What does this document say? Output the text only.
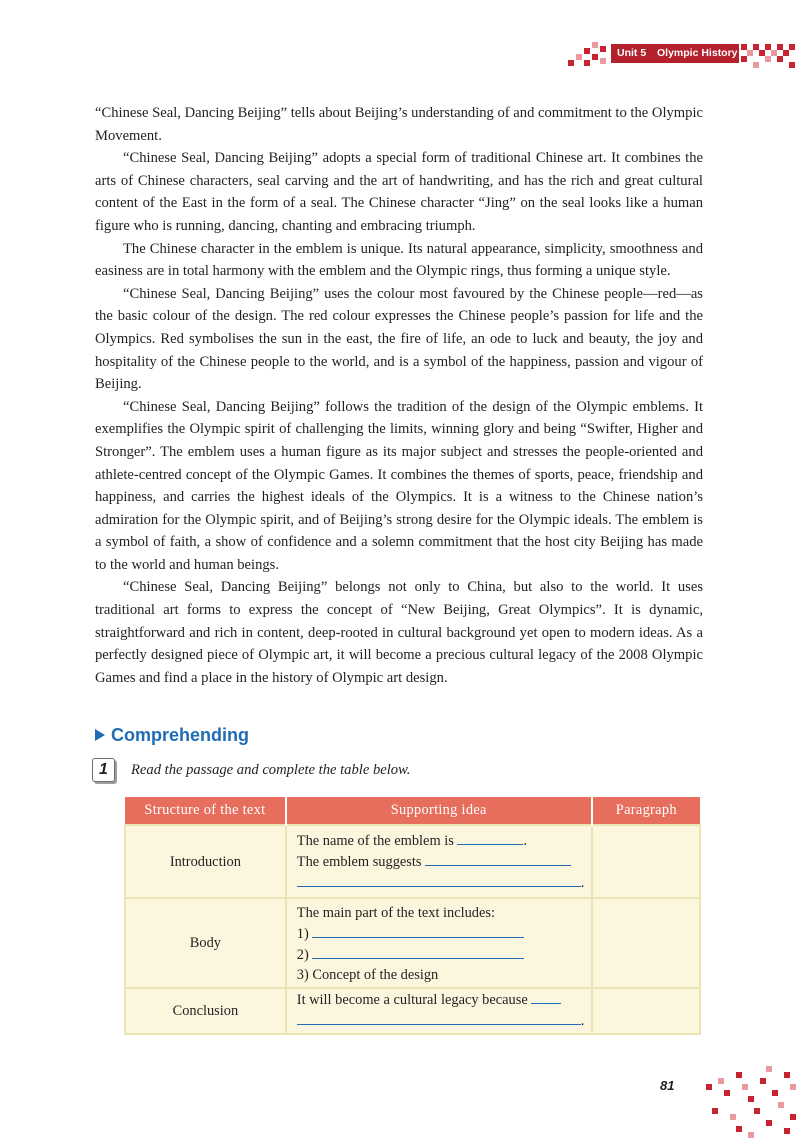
Unit 5 Olympic History

“Chinese Seal, Dancing Beijing” tells about Beijing’s understanding of and commitment to the Olympic Movement.

“Chinese Seal, Dancing Beijing” adopts a special form of traditional Chinese art. It combines the arts of Chinese characters, seal carving and the art of handwriting, and has the rich and great cultural content of the East in the form of a seal. The Chinese character “Jing” on the seal looks like a human figure who is running, dancing, chanting and embracing triumph.

The Chinese character in the emblem is unique. Its natural appearance, simplicity, smoothness and easiness are in total harmony with the emblem and the Olympic rings, thus forming a unique style.

“Chinese Seal, Dancing Beijing” uses the colour most favoured by the Chinese people—red—as the basic colour of the design. The red colour expresses the Chinese people’s passion for life and the Olympics. Red symbolises the sun in the east, the fire of life, an ode to luck and beauty, the joy and hospitality of the Chinese people to the world, and is a symbol of the happiness, passion and vigour of Beijing.

“Chinese Seal, Dancing Beijing” follows the tradition of the design of the Olympic emblems. It exemplifies the Olympic spirit of challenging the limits, winning glory and being “Swifter, Higher and Stronger”. The emblem uses a human figure as its major subject and stresses the people-oriented and athlete-centred concept of the Olympic Games. It combines the themes of sports, peace, friendship and happiness, and carries the highest ideals of the Olympics. It is a witness to the Chinese nation’s admiration for the Olympic spirit, and of Beijing’s strong desire for the Olympic ideals. The emblem is a symbol of faith, a show of confidence and a solemn commitment that the host city Beijing has made to the world and human beings.

“Chinese Seal, Dancing Beijing” belongs not only to China, but also to the world. It uses traditional art forms to express the concept of “New Beijing, Great Olympics”. It is dynamic, straightforward and rich in content, deep-rooted in cultural background yet open to modern ideas. As a perfectly designed piece of Olympic art, it will become a precious cultural legacy of the 2008 Olympic Games and find a place in the history of Olympic art design.

Comprehending
1	Read the passage and complete the table below.
Structure of the text	Supporting idea	Paragraph
Introduction	The name of the emblem is .
The emblem suggests
.	

Body	The main part of the text includes:
1)
2)
3) Concept of the design	

Conclusion	It will become a cultural legacy because
.	

81
